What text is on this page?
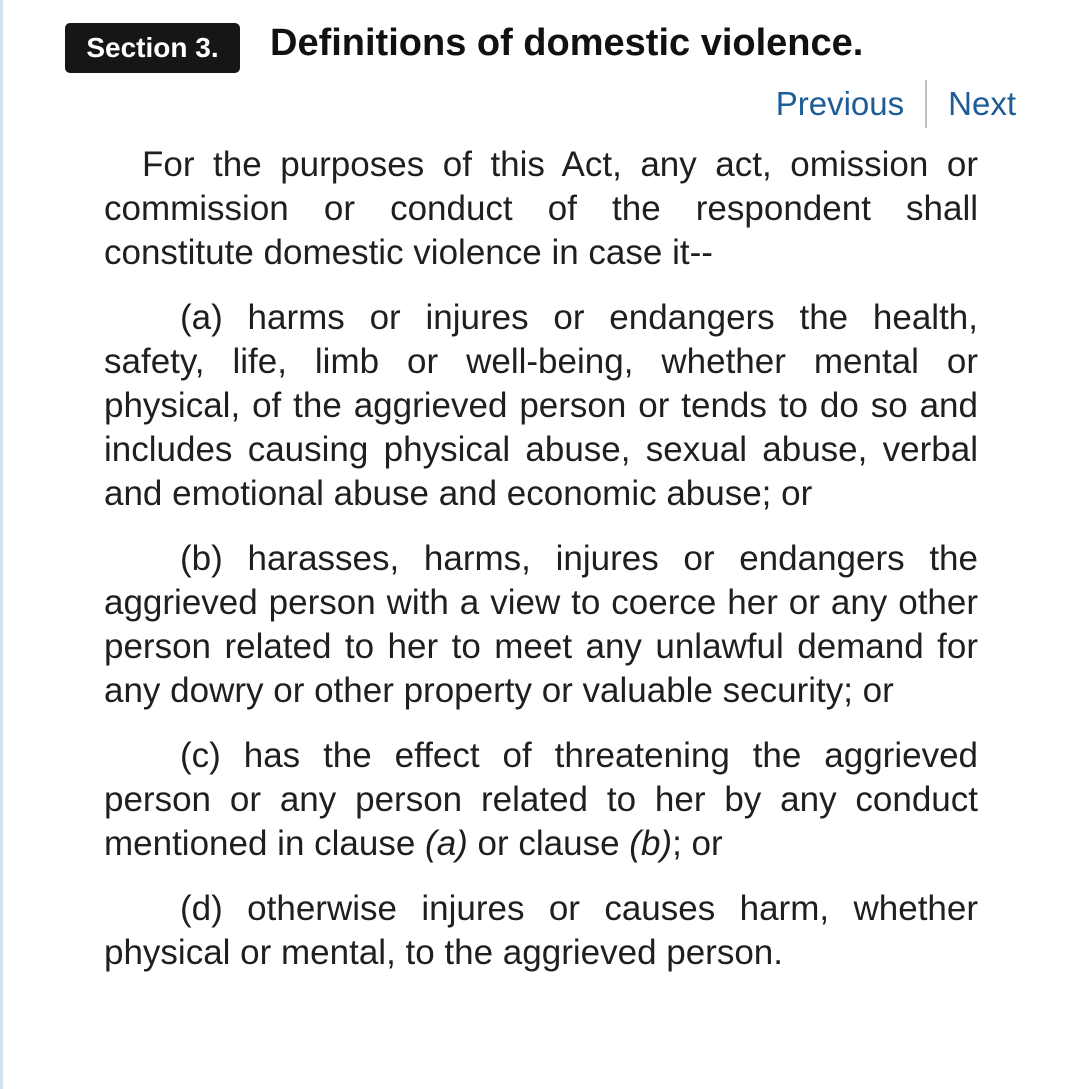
Section 3.	Definitions of domestic violence.
Previous Next

For the purposes of this Act, any act, omission or commission or conduct of the respondent shall constitute domestic violence in case it--

(a) harms or injures or endangers the health, safety, life, limb or well-being, whether mental or physical, of the aggrieved person or tends to do so and includes causing physical abuse, sexual abuse, verbal and emotional abuse and economic abuse; or

(b) harasses, harms, injures or endangers the aggrieved person with a view to coerce her or any other person related to her to meet any unlawful demand for any dowry or other property or valuable security; or

(c) has the effect of threatening the aggrieved person or any person related to her by any conduct mentioned in clause (a) or clause (b); or

(d) otherwise injures or causes harm, whether physical or mental, to the aggrieved person.
